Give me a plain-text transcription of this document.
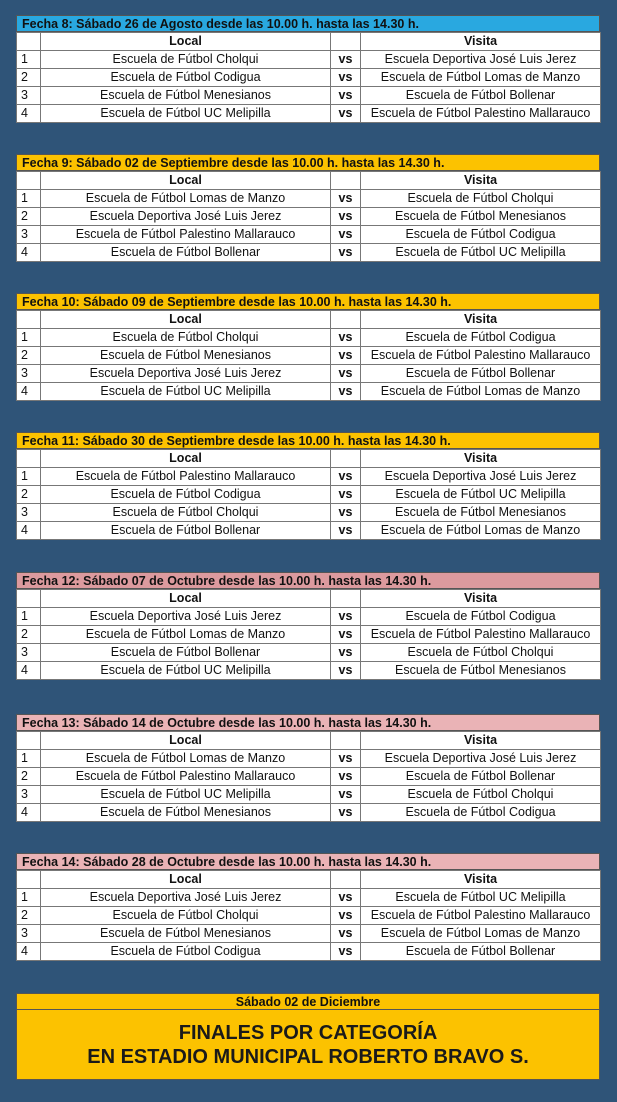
Fecha 8: Sábado 26 de Agosto desde las 10.00 h. hasta las 14.30 h.
	Local		Visita
1	Escuela de Fútbol Cholqui	vs	Escuela Deportiva José Luis Jerez
2	Escuela de Fútbol Codigua	vs	Escuela de Fútbol Lomas de Manzo
3	Escuela de Fútbol Menesianos	vs	Escuela de Fútbol Bollenar
4	Escuela de Fútbol UC Melipilla	vs	Escuela de Fútbol Palestino Mallarauco
Fecha 9: Sábado 02 de Septiembre desde las 10.00 h. hasta las 14.30 h.
	Local		Visita
1	Escuela de Fútbol Lomas de Manzo	vs	Escuela de Fútbol Cholqui
2	Escuela Deportiva José Luis Jerez	vs	Escuela de Fútbol Menesianos
3	Escuela de Fútbol Palestino Mallarauco	vs	Escuela de Fútbol Codigua
4	Escuela de Fútbol Bollenar	vs	Escuela de Fútbol UC Melipilla
Fecha 10: Sábado 09 de Septiembre desde las 10.00 h. hasta las 14.30 h.
	Local		Visita
1	Escuela de Fútbol Cholqui	vs	Escuela de Fútbol Codigua
2	Escuela de Fútbol Menesianos	vs	Escuela de Fútbol Palestino Mallarauco
3	Escuela Deportiva José Luis Jerez	vs	Escuela de Fútbol Bollenar
4	Escuela de Fútbol UC Melipilla	vs	Escuela de Fútbol Lomas de Manzo
Fecha 11: Sábado 30 de Septiembre desde las 10.00 h. hasta las 14.30 h.
	Local		Visita
1	Escuela de Fútbol Palestino Mallarauco	vs	Escuela Deportiva José Luis Jerez
2	Escuela de Fútbol Codigua	vs	Escuela de Fútbol UC Melipilla
3	Escuela de Fútbol Cholqui	vs	Escuela de Fútbol Menesianos
4	Escuela de Fútbol Bollenar	vs	Escuela de Fútbol Lomas de Manzo
Fecha 12: Sábado 07 de Octubre desde las 10.00 h. hasta las 14.30 h.
	Local		Visita
1	Escuela Deportiva José Luis Jerez	vs	Escuela de Fútbol Codigua
2	Escuela de Fútbol Lomas de Manzo	vs	Escuela de Fútbol Palestino Mallarauco
3	Escuela de Fútbol Bollenar	vs	Escuela de Fútbol Cholqui
4	Escuela de Fútbol UC Melipilla	vs	Escuela de Fútbol Menesianos
Fecha 13: Sábado 14 de Octubre desde las 10.00 h. hasta las 14.30 h.
	Local		Visita
1	Escuela de Fútbol Lomas de Manzo	vs	Escuela Deportiva José Luis Jerez
2	Escuela de Fútbol Palestino Mallarauco	vs	Escuela de Fútbol Bollenar
3	Escuela de Fútbol UC Melipilla	vs	Escuela de Fútbol Cholqui
4	Escuela de Fútbol Menesianos	vs	Escuela de Fútbol Codigua
Fecha 14: Sábado 28 de Octubre desde las 10.00 h. hasta las 14.30 h.
	Local		Visita
1	Escuela Deportiva José Luis Jerez	vs	Escuela de Fútbol UC Melipilla
2	Escuela de Fútbol Cholqui	vs	Escuela de Fútbol Palestino Mallarauco
3	Escuela de Fútbol Menesianos	vs	Escuela de Fútbol Lomas de Manzo
4	Escuela de Fútbol Codigua	vs	Escuela de Fútbol Bollenar
Sábado 02 de Diciembre
FINALES POR CATEGORÍA
EN ESTADIO MUNICIPAL ROBERTO BRAVO S.
